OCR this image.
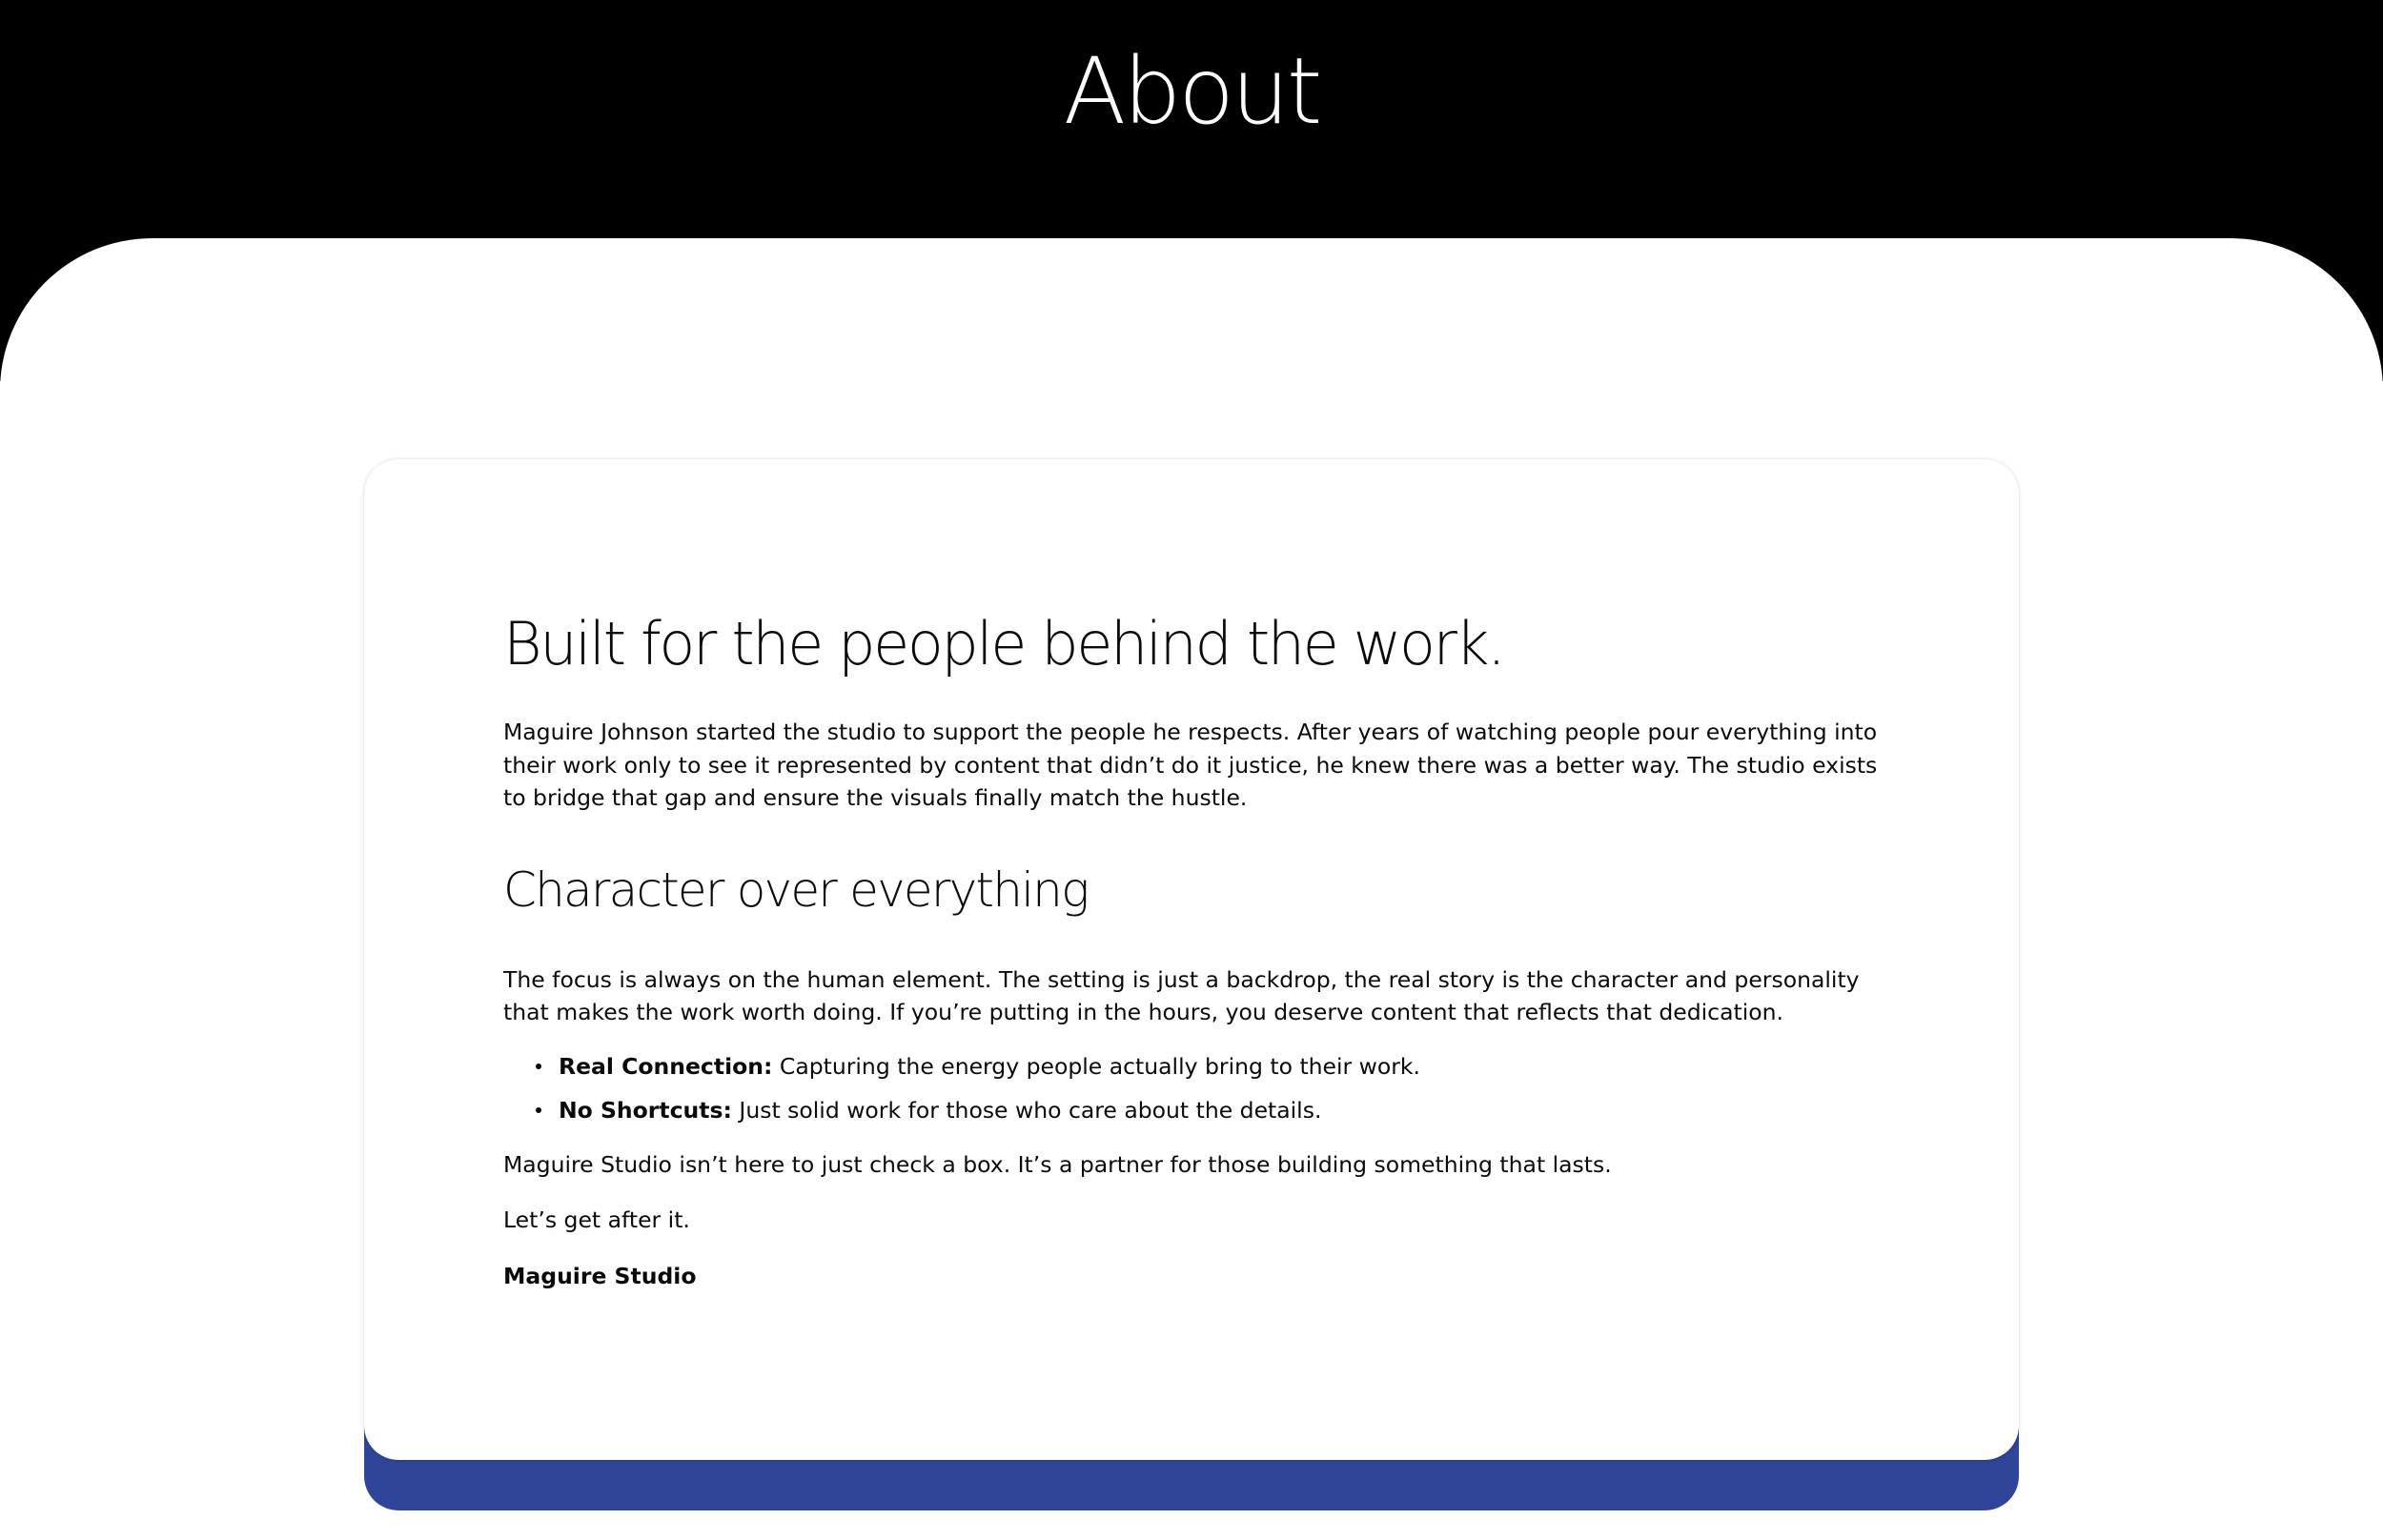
About
Built for the people behind the work.

Maguire Johnson started the studio to support the people he respects. After years of watching people pour everything into their work only to see it represented by content that didn’t do it justice, he knew there was a better way. The studio exists to bridge that gap and ensure the visuals finally match the hustle.

Character over everything

The focus is always on the human element. The setting is just a backdrop, the real story is the character and personality that makes the work worth doing. If you’re putting in the hours, you deserve content that reflects that dedication.

Real Connection: Capturing the energy people actually bring to their work.
No Shortcuts: Just solid work for those who care about the details.

Maguire Studio isn’t here to just check a box. It’s a partner for those building something that lasts.

Let’s get after it.

Maguire Studio
